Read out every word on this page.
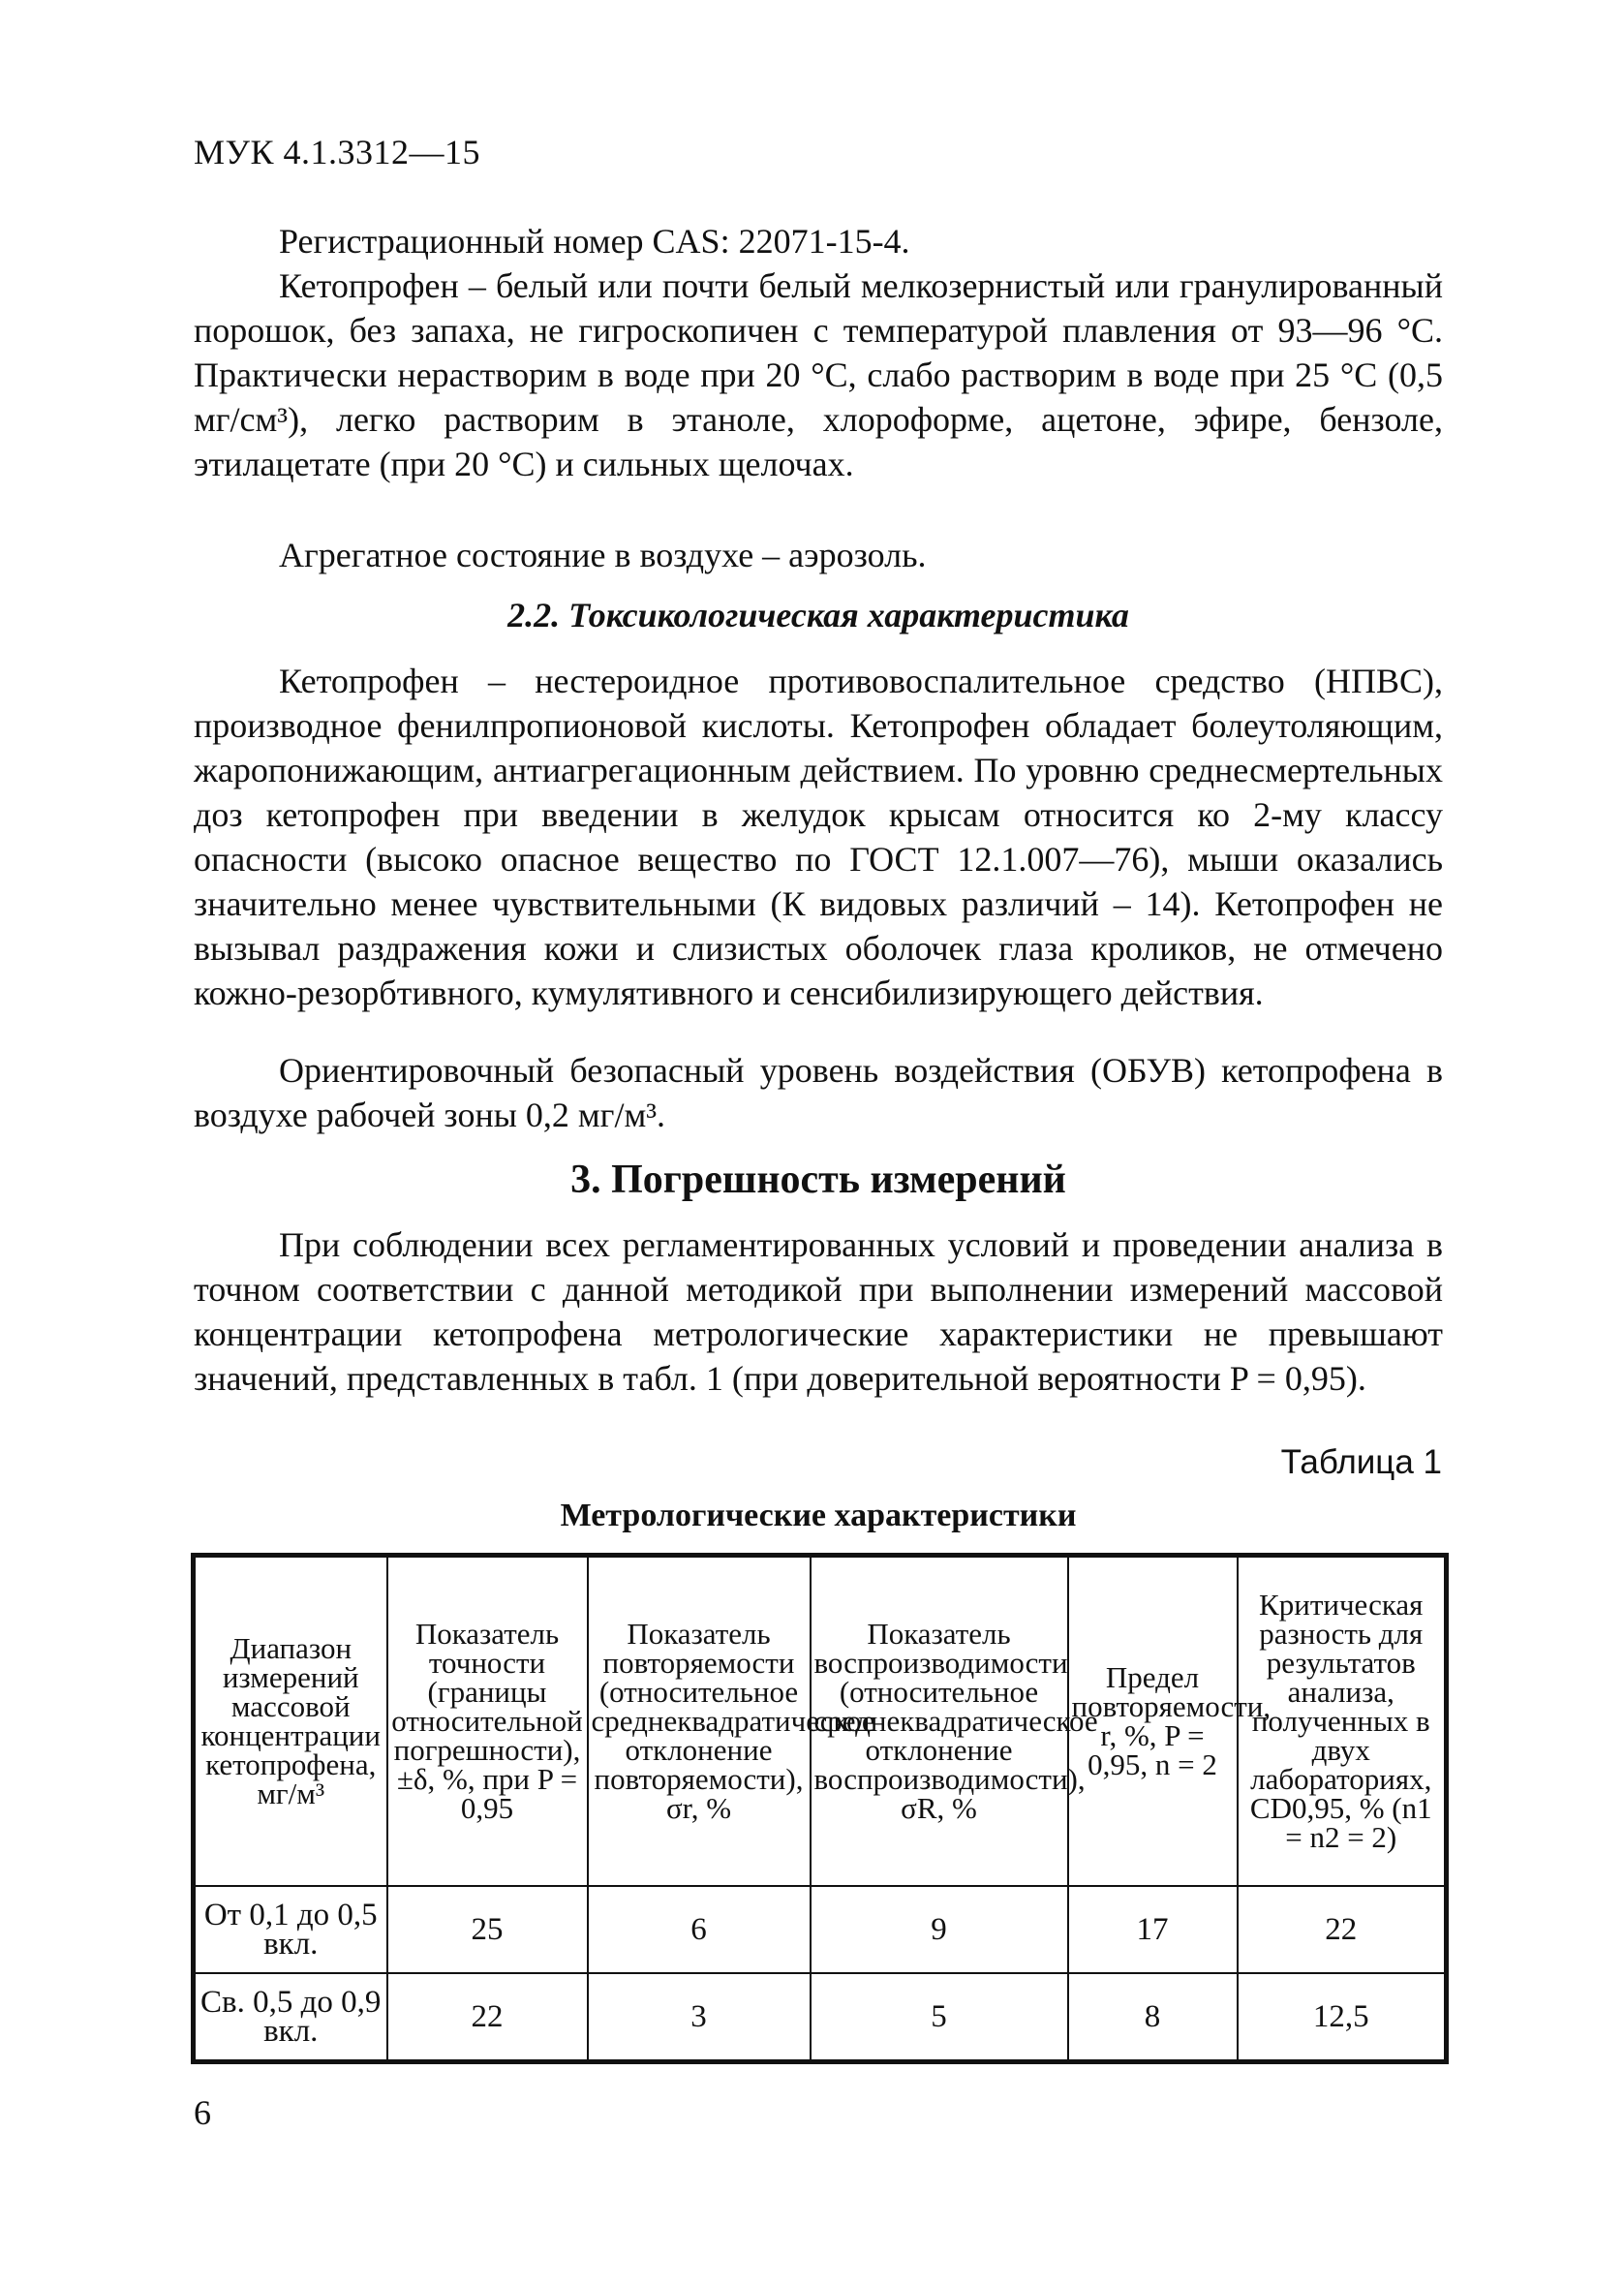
МУК 4.1.3312—15

Регистрационный номер CAS: 22071-15-4.

Кетопрофен – белый или почти белый мелкозернистый или гранулированный порошок, без запаха, не гигроскопичен с температурой плавления от 93—96 °С. Практически нерастворим в воде при 20 °С, слабо растворим в воде при 25 °С (0,5 мг/см³), легко растворим в этаноле, хлороформе, ацетоне, эфире, бензоле, этилацетате (при 20 °С) и сильных щелочах.

Агрегатное состояние в воздухе – аэрозоль.

2.2. Токсикологическая характеристика

Кетопрофен – нестероидное противовоспалительное средство (НПВС), производное фенилпропионовой кислоты. Кетопрофен обладает болеутоляющим, жаропонижающим, антиагрегационным действием. По уровню среднесмертельных доз кетопрофен при введении в желудок крысам относится ко 2-му классу опасности (высоко опасное вещество по ГОСТ 12.1.007—76), мыши оказались значительно менее чувствительными (К видовых различий – 14). Кетопрофен не вызывал раздражения кожи и слизистых оболочек глаза кроликов, не отмечено кожно-резорбтивного, кумулятивного и сенсибилизирующего действия.

Ориентировочный безопасный уровень воздействия (ОБУВ) кетопрофена в воздухе рабочей зоны 0,2 мг/м³.

3. Погрешность измерений

При соблюдении всех регламентированных условий и проведении анализа в точном соответствии с данной методикой при выполнении измерений массовой концентрации кетопрофена метрологические характеристики не превышают значений, представленных в табл. 1 (при доверительной вероятности P = 0,95).

Таблица 1
Метрологические характеристики
Диапазон измерений массовой концентрации кетопрофена, мг/м³	Показатель точности (границы относительной погрешности), ±δ, %, при P = 0,95	Показатель повторяемости (относительное среднеквадратическое отклонение повторяемости), σr, %	Показатель воспроизводимости (относительное среднеквадратическое отклонение воспроизводимости), σR, %	Предел повторяемости, r, %, P = 0,95, n = 2	Критическая разность для результатов анализа, полученных в двух лабораториях, CD0,95, % (n1 = n2 = 2)
От 0,1 до 0,5 вкл.	25	6	9	17	22
Св. 0,5 до 0,9 вкл.	22	3	5	8	12,5
6
